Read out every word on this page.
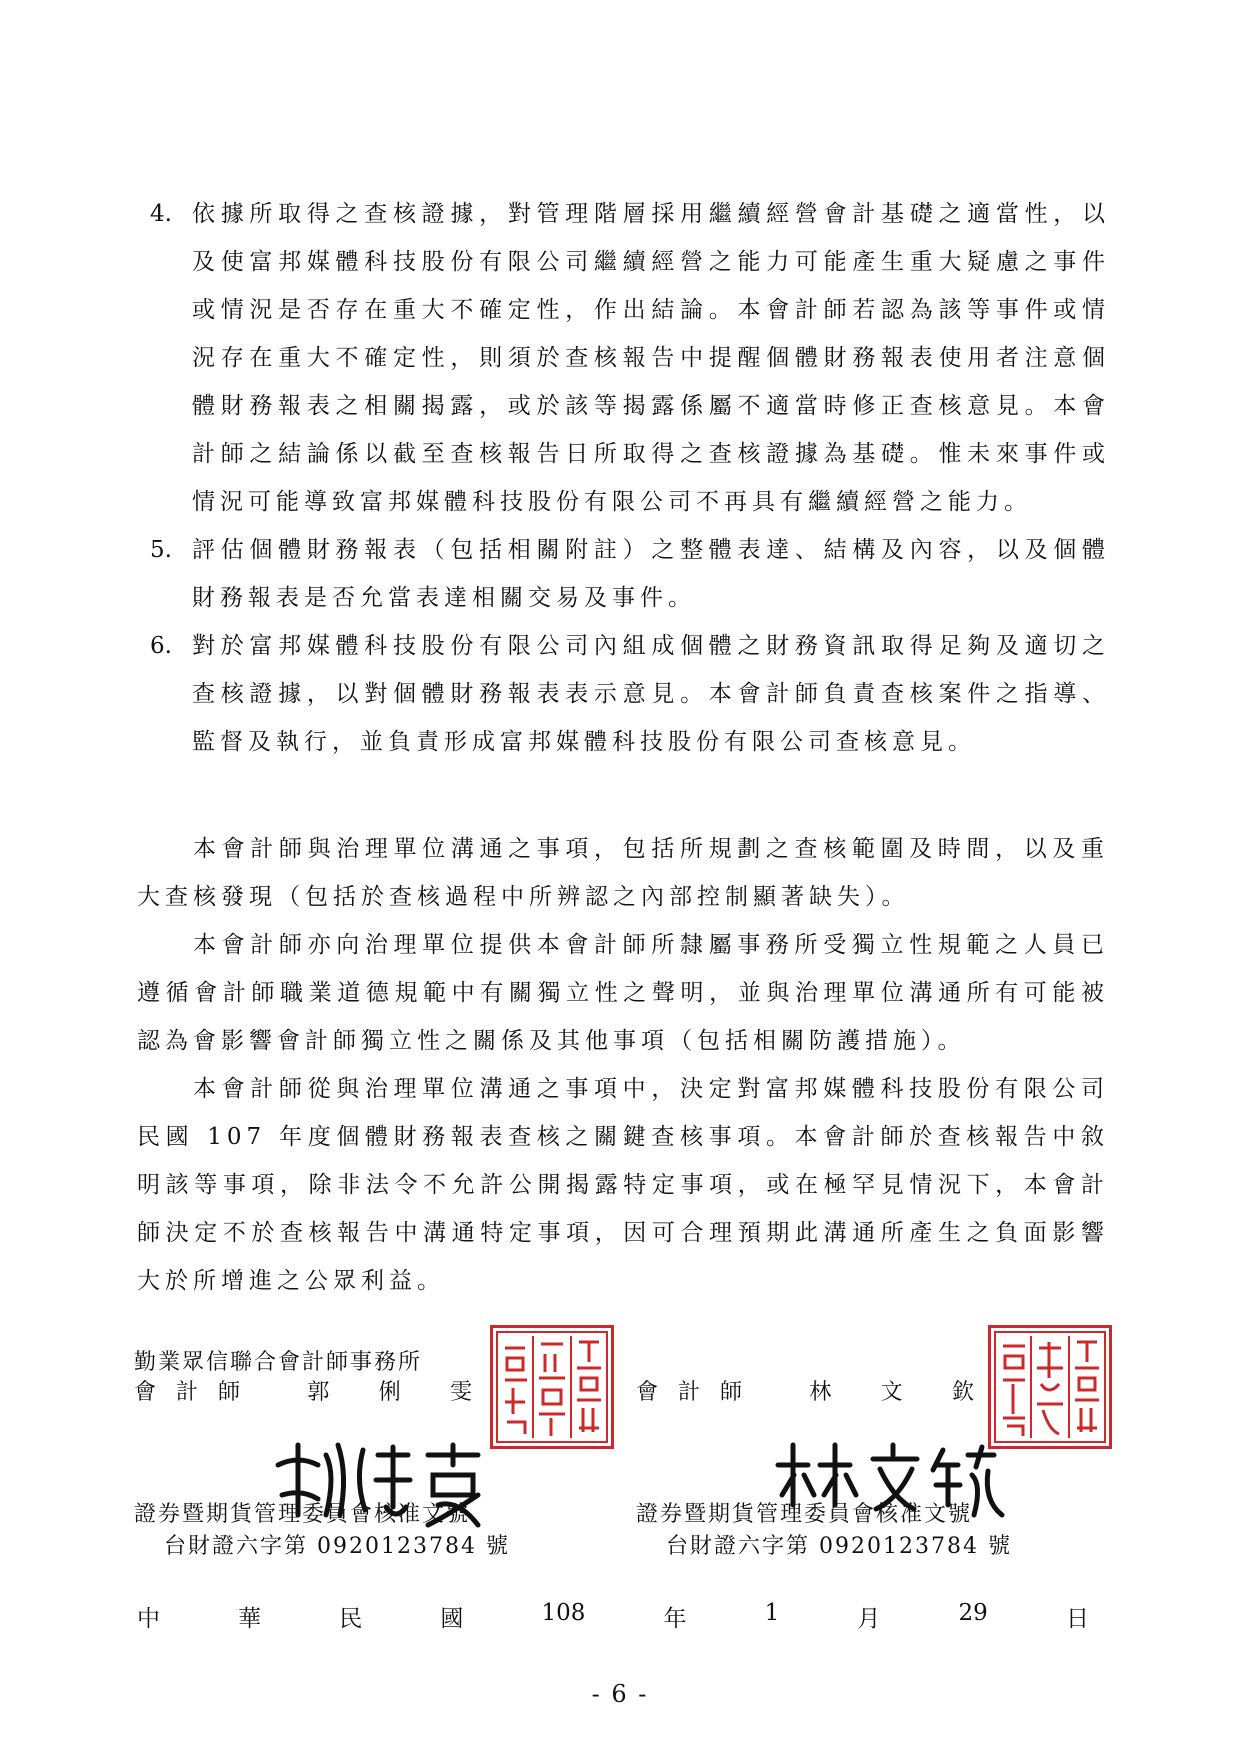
4. 依據所取得之查核證據，對管理階層採用繼續經營會計基礎之適當性，以及使富邦媒體科技股份有限公司繼續經營之能力可能產生重大疑慮之事件或情況是否存在重大不確定性，作出結論。本會計師若認為該等事件或情況存在重大不確定性，則須於查核報告中提醒個體財務報表使用者注意個體財務報表之相關揭露，或於該等揭露係屬不適當時修正查核意見。本會計師之結論係以截至查核報告日所取得之查核證據為基礎。惟未來事件或情況可能導致富邦媒體科技股份有限公司不再具有繼續經營之能力。
5. 評估個體財務報表（包括相關附註）之整體表達、結構及內容，以及個體財務報表是否允當表達相關交易及事件。
6. 對於富邦媒體科技股份有限公司內組成個體之財務資訊取得足夠及適切之查核證據，以對個體財務報表表示意見。本會計師負責查核案件之指導、監督及執行，並負責形成富邦媒體科技股份有限公司查核意見。

本會計師與治理單位溝通之事項，包括所規劃之查核範圍及時間，以及重大查核發現（包括於查核過程中所辨認之內部控制顯著缺失）。

本會計師亦向治理單位提供本會計師所隸屬事務所受獨立性規範之人員已遵循會計師職業道德規範中有關獨立性之聲明，並與治理單位溝通所有可能被認為會影響會計師獨立性之關係及其他事項（包括相關防護措施）。

本會計師從與治理單位溝通之事項中，決定對富邦媒體科技股份有限公司民國 107 年度個體財務報表查核之關鍵查核事項。本會計師於查核報告中敘明該等事項，除非法令不允許公開揭露特定事項，或在極罕見情況下，本會計師決定不於查核報告中溝通特定事項，因可合理預期此溝通所產生之負面影響大於所增進之公眾利益。

勤業眾信聯合會計師事務所
會計師 郭 俐 雯
證券暨期貨管理委員會核准文號
台財證六字第 0920123784 號
會計師 林 文 欽
證券暨期貨管理委員會核准文號
台財證六字第 0920123784 號
中	華	民	國	108	年	1	月	29	日
- 6 -
